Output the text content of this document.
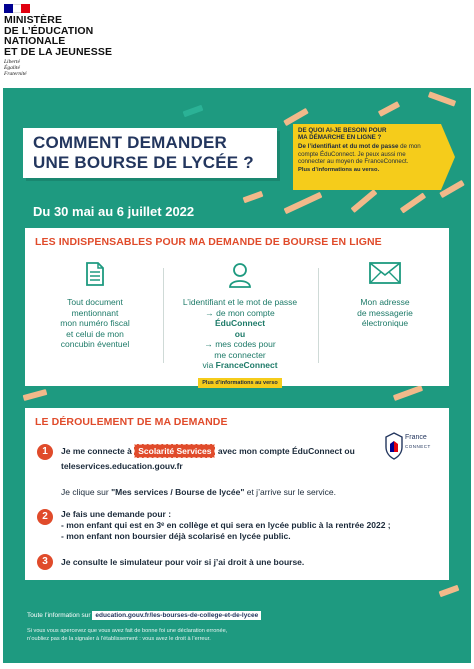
MINISTÈRE
DE L’ÉDUCATION
NATIONALE
ET DE LA JEUNESSE
Liberté
Égalité
Fraternité
COMMENT DEMANDER
UNE BOURSE DE LYCÉE ?
DE QUOI AI-JE BESOIN POUR
MA DÉMARCHE EN LIGNE ?
De l’identifiant et du mot de passe de mon
compte ÉduConnect. Je peux aussi me
connecter au moyen de FranceConnect.
Plus d’informations au verso.
Du 30 mai au 6 juillet 2022
LES INDISPENSABLES POUR MA DEMANDE DE BOURSE EN LIGNE
Tout document
mentionnant
mon numéro fiscal
et celui de mon
concubin éventuel
L’identifiant et le mot de passe
→ de mon compte
ÉduConnect
ou
→ mes codes pour
me connecter
via FranceConnect
Plus d’informations au verso
Mon adresse
de messagerie
électronique
LE DÉROULEMENT DE MA DEMANDE
1	Je me connecte à Scolarité Services avec mon compte ÉduConnect ou
teleservices.education.gouv.fr
France
CONNECT
Je clique sur "Mes services / Bourse de lycée" et j’arrive sur le service.
2	Je fais une demande pour :
- mon enfant qui est en 3ᵉ en collège et qui sera en lycée public à la rentrée 2022 ;
- mon enfant non boursier déjà scolarisé en lycée public.
3	Je consulte le simulateur pour voir si j’ai droit à une bourse.
Toute l’information sur education.gouv.fr/les-bourses-de-college-et-de-lycee
Si vous vous apercevez que vous avez fait de bonne foi une déclaration erronée,
n’oubliez pas de la signaler à l’établissement : vous avez le droit à l’erreur.
